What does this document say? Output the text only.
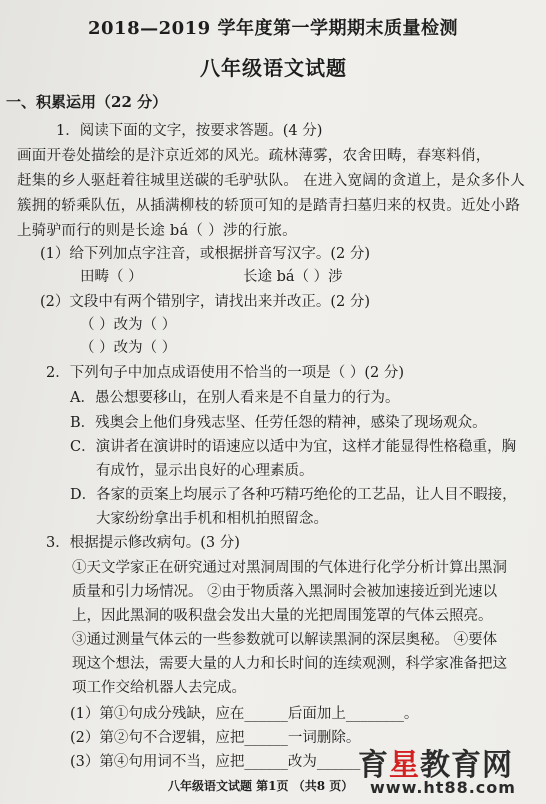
2018—2019 学年度第一学期期末质量检测
八年级语文试题
一、积累运用（22 分）
1．阅读下面的文字，按要求答题。(4 分)
画面开卷处描绘的是汴京近郊的风光。疏林薄雾，农舍田畴，春寒料俏，
赶集的乡人驱赶着往城里送碳的毛驴驮队。 在进入宽阔的贪道上，是众多仆人
簇拥的轿乘队伍，从插满柳枝的轿顶可知的是踏青扫墓归来的权贵。近处小路
上骑驴而行的则是长途 bá（ ）涉的行旅。
(1）给下列加点字注音，或根据拼音写汉字。(2 分)
田畴（ ）	长途 bá（ ）涉
(2）文段中有两个错别字，请找出来并改正。(2 分)
（ ）改为（ ）
（ ）改为（ ）
2．下列句子中加点成语使用不恰当的一项是（ ）(2 分)
A．愚公想要移山，在别人看来是不自量力的行为。
B．残奥会上他们身残志坚、任劳任怨的精神，感染了现场观众。
C．演讲者在演讲时的语速应以适中为宜，这样才能显得性格稳重，胸
有成竹，显示出良好的心理素质。
D．各家的贡案上均展示了各种巧精巧绝伦的工艺品，让人目不暇接，
大家纷纷拿出手机和相机拍照留念。
3．根据提示修改病句。(3 分)
①天文学家正在研究通过对黑洞周围的气体进行化学分析计算出黑洞
质量和引力场情况。 ②由于物质落入黑洞时会被加速接近到光速以
上，因此黑洞的吸积盘会发出大量的光把周围笼罩的气体云照亮。
③通过测量气体云的一些参数就可以解读黑洞的深层奥秘。 ④要体
现这个想法，需要大量的人力和长时间的连续观测，科学家准备把这
项工作交给机器人去完成。
(1）第①句成分残缺，应在______后面加上________。
(2）第②句不合逻辑，应把______一词删除。
(3）第④句用词不当，应把______改为______
八年级语文试题 第1页 （共8 页）
育星教育网
www.ht88.com
